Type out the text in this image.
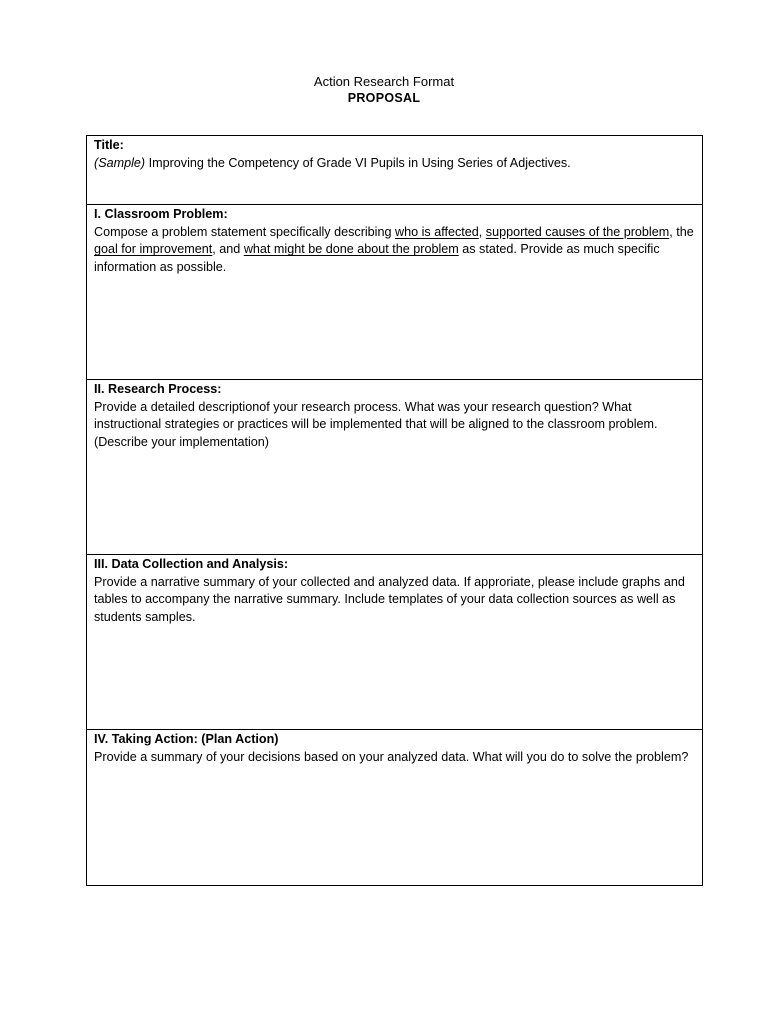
Action Research Format
PROPOSAL
Title:
(Sample) Improving the Competency of Grade VI Pupils in Using Series of Adjectives.
I. Classroom Problem:
Compose a problem statement specifically describing who is affected, supported causes of the problem, the goal for improvement, and what might be done about the problem as stated. Provide as much specific information as possible.
II. Research Process:
Provide a detailed descriptionof your research process. What was your research question? What instructional strategies or practices will be implemented that will be aligned to the classroom problem. (Describe your implementation)
III. Data Collection and Analysis:
Provide a narrative summary of your collected and analyzed data. If approriate, please include graphs and tables to accompany the narrative summary. Include templates of your data collection sources as well as students samples.
IV. Taking Action: (Plan Action)
Provide a summary of your decisions based on your analyzed data. What will you do to solve the problem?
